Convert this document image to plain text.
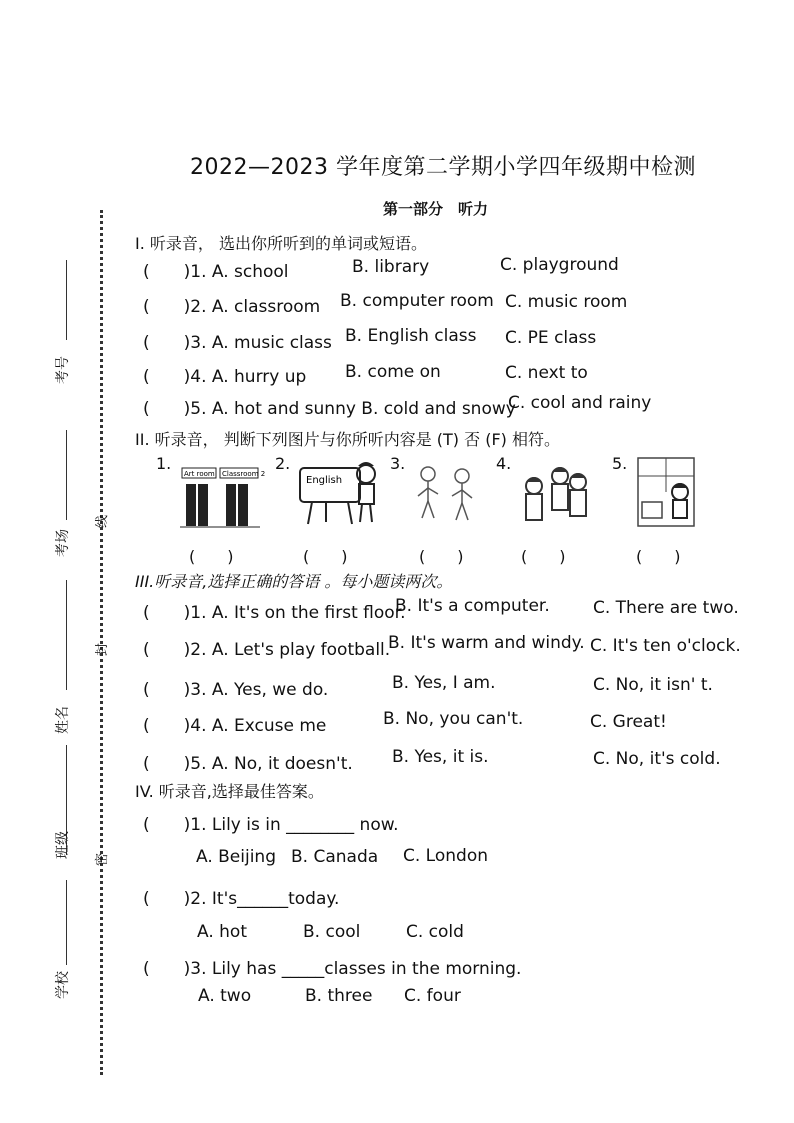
考号
考场
姓名
班级
学校
线
封
密
2022—2023 学年度第二学期小学四年级期中检测
第一部分　听力
I. 听录音， 选出你所听到的单词或短语。
(　　)1. A. school	B. library	C. playground
(　　)2. A. classroom B. computer room C. music room
(　　)3. A. music class B. English class C. PE class
(　　)4. A. hurry up B. come on	C. next to
(　　)5. A. hot and sunny B. cold and snowy
C. cool and rainy
II. 听录音， 判断下列图片与你所听内容是 (T) 否 (F) 相符。
1.	2.	3.	4.	5.
Art room Classroom 2
English
(　　)	(　　)	(　　)	(　　)	(　　)
III.听录音,选择正确的答语 。每小题读两次。
(　　)1. A. It's on the first floor.
B. It's a computer.	C. There are two.
(　　)2. A. Let's play football.
B. It's warm and windy. C. It's ten o'clock.
(　　)3. A. Yes, we do.	B. Yes, I am.	C. No, it isn' t.
(　　)4. A. Excuse me	B. No, you can't.	C. Great!
(　　)5. A. No, it doesn't. B. Yes, it is.	C. No, it's cold.
IV. 听录音,选择最佳答案。
(　　)1. Lily is in ________ now.
A. Beijing B. Canada C. London
(　　)2. It's______today.
A. hot	B. cool	C. cold
(　　)3. Lily has _____classes in the morning.
A. two	B. three C. four
